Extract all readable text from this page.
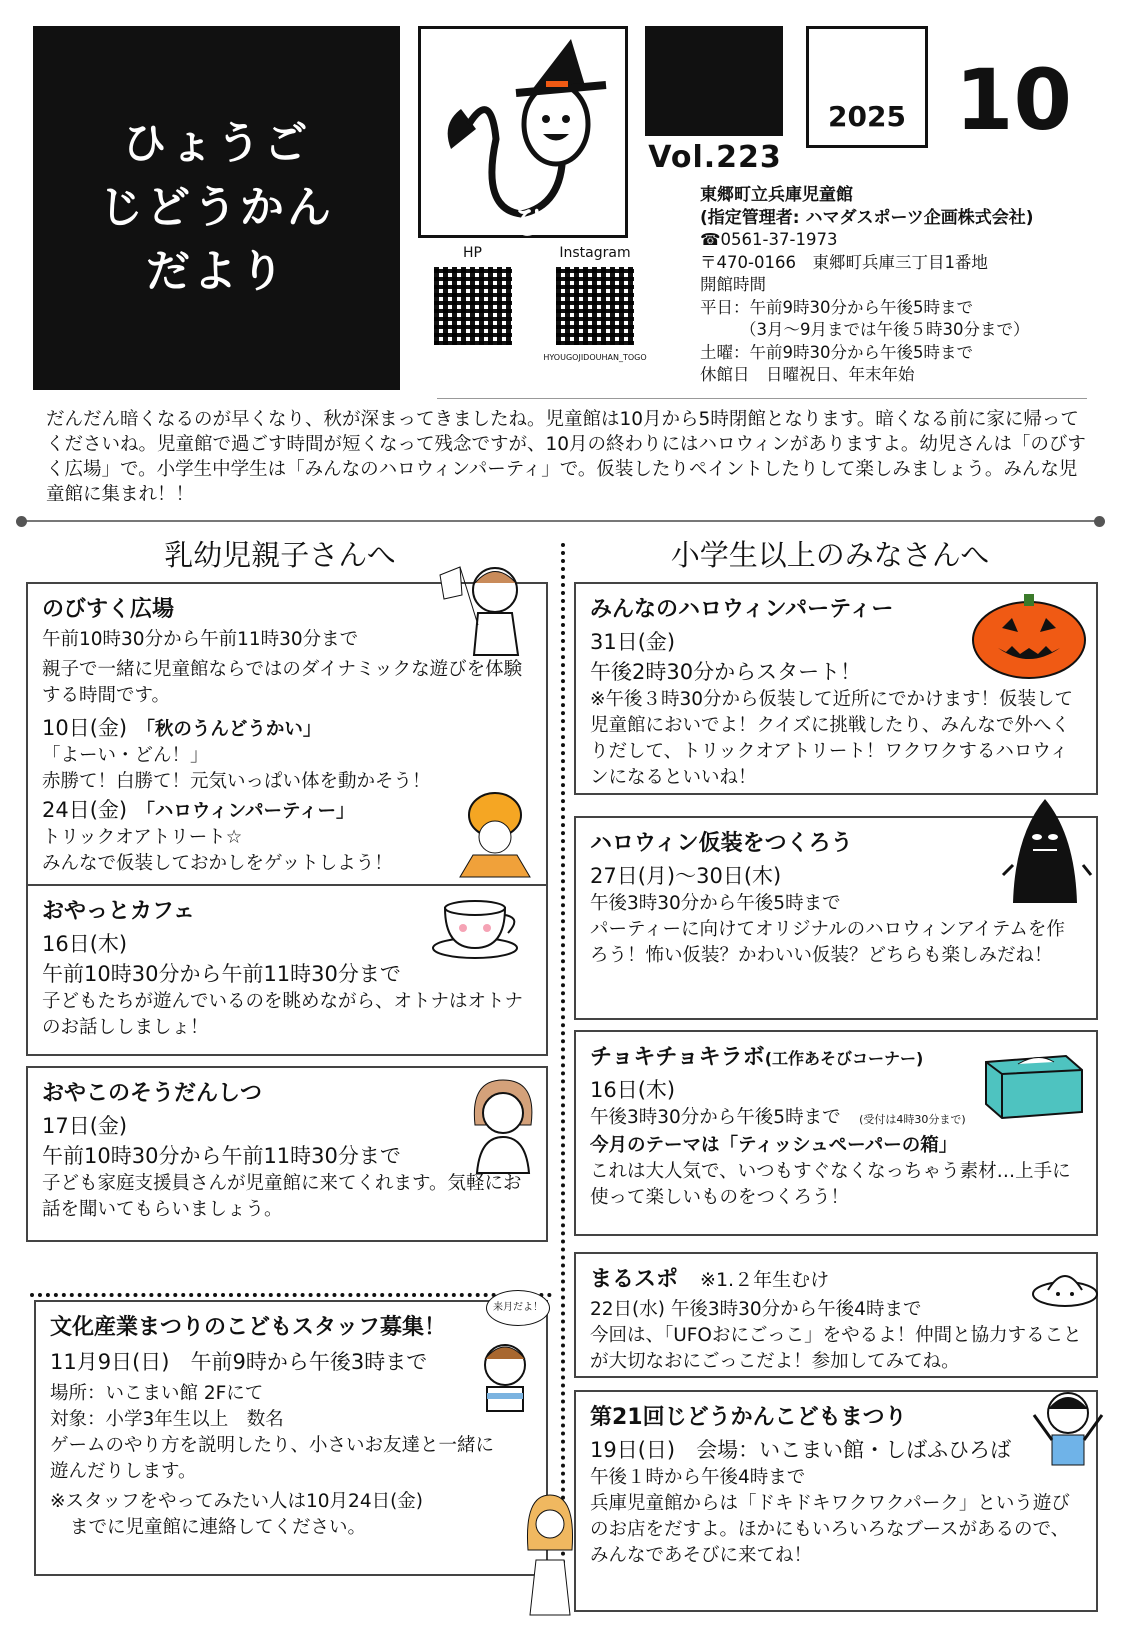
ひょうご
じどうかん
だより
ひ
Vol.223
2025 10
HP	Instagram
HYOUGOJIDOUHAN_TOGO
東郷町立兵庫児童館
(指定管理者: ハマダスポーツ企画株式会社)
☎0561-37-1973
〒470-0166　東郷町兵庫三丁目1番地
開館時間
平日：午前9時30分から午後5時まで
（3月～9月までは午後５時30分まで）
土曜：午前9時30分から午後5時まで
休館日　日曜祝日、年末年始
だんだん暗くなるのが早くなり、秋が深まってきましたね。児童館は10月から5時閉館となります。暗くなる前に家に帰ってくださいね。児童館で過ごす時間が短くなって残念ですが、10月の終わりにはハロウィンがありますよ。幼児さんは「のびすく広場」で。小学生中学生は「みんなのハロウィンパーティ」で。仮装したりペイントしたりして楽しみましょう。みんな児童館に集まれ！！
乳幼児親子さんへ
のびすく広場

午前10時30分から午前11時30分まで

親子で一緒に児童館ならではのダイナミックな遊びを体験する時間です。

10日(金)　 「秋のうんどうかい」

「よーい・どん！」

赤勝て！白勝て！元気いっぱい体を動かそう！

24日(金)　 「ハロウィンパーティー」

トリックオアトリート☆

みんなで仮装しておかしをゲットしよう！

おやっとカフェ

16日(木)

午前10時30分から午前11時30分まで

子どもたちが遊んでいるのを眺めながら、オトナはオトナのお話ししましょ！

おやこのそうだんしつ

17日(金)

午前10時30分から午前11時30分まで

子ども家庭支援員さんが児童館に来てくれます。気軽にお話を聞いてもらいましょう。

文化産業まつりのこどもスタッフ募集！

11月9日(日)　午前9時から午後3時まで

場所：いこまい館 2Fにて

対象：小学3年生以上　数名

ゲームのやり方を説明したり、小さいお友達と一緒に遊んだりします。

※スタッフをやってみたい人は10月24日(金)

までに児童館に連絡してください。

来月だよ！
小学生以上のみなさんへ
みんなのハロウィンパーティー

31日(金)

午後2時30分からスタート！

※午後３時30分から仮装して近所にでかけます！仮装して児童館においでよ！クイズに挑戦したり、みんなで外へくりだして、トリックオアトリート！ワクワクするハロウィンになるといいね！

ハロウィン仮装をつくろう

27日(月)～30日(木)

午後3時30分から午後5時まで

パーティーに向けてオリジナルのハロウィンアイテムを作ろう！怖い仮装？かわいい仮装？どちらも楽しみだね！

チョキチョキラボ(工作あそびコーナー)

16日(木)

午後3時30分から午後5時まで　 (受付は4時30分まで)

今月のテーマは「ティッシュペーパーの箱」

これは大人気で、いつもすぐなくなっちゃう素材…上手に使って楽しいものをつくろう！

まるスポ　 ※1.２年生むけ

22日(水) 午後3時30分から午後4時まで

今回は、「UFOおにごっこ」をやるよ！仲間と協力することが大切なおにごっこだよ！参加してみてね。

第21回じどうかんこどもまつり

19日(日)　会場：いこまい館・しばふひろば

午後１時から午後4時まで

兵庫児童館からは「ドキドキワクワクパーク」という遊びのお店をだすよ。ほかにもいろいろなブースがあるので、みんなであそびに来てね！
